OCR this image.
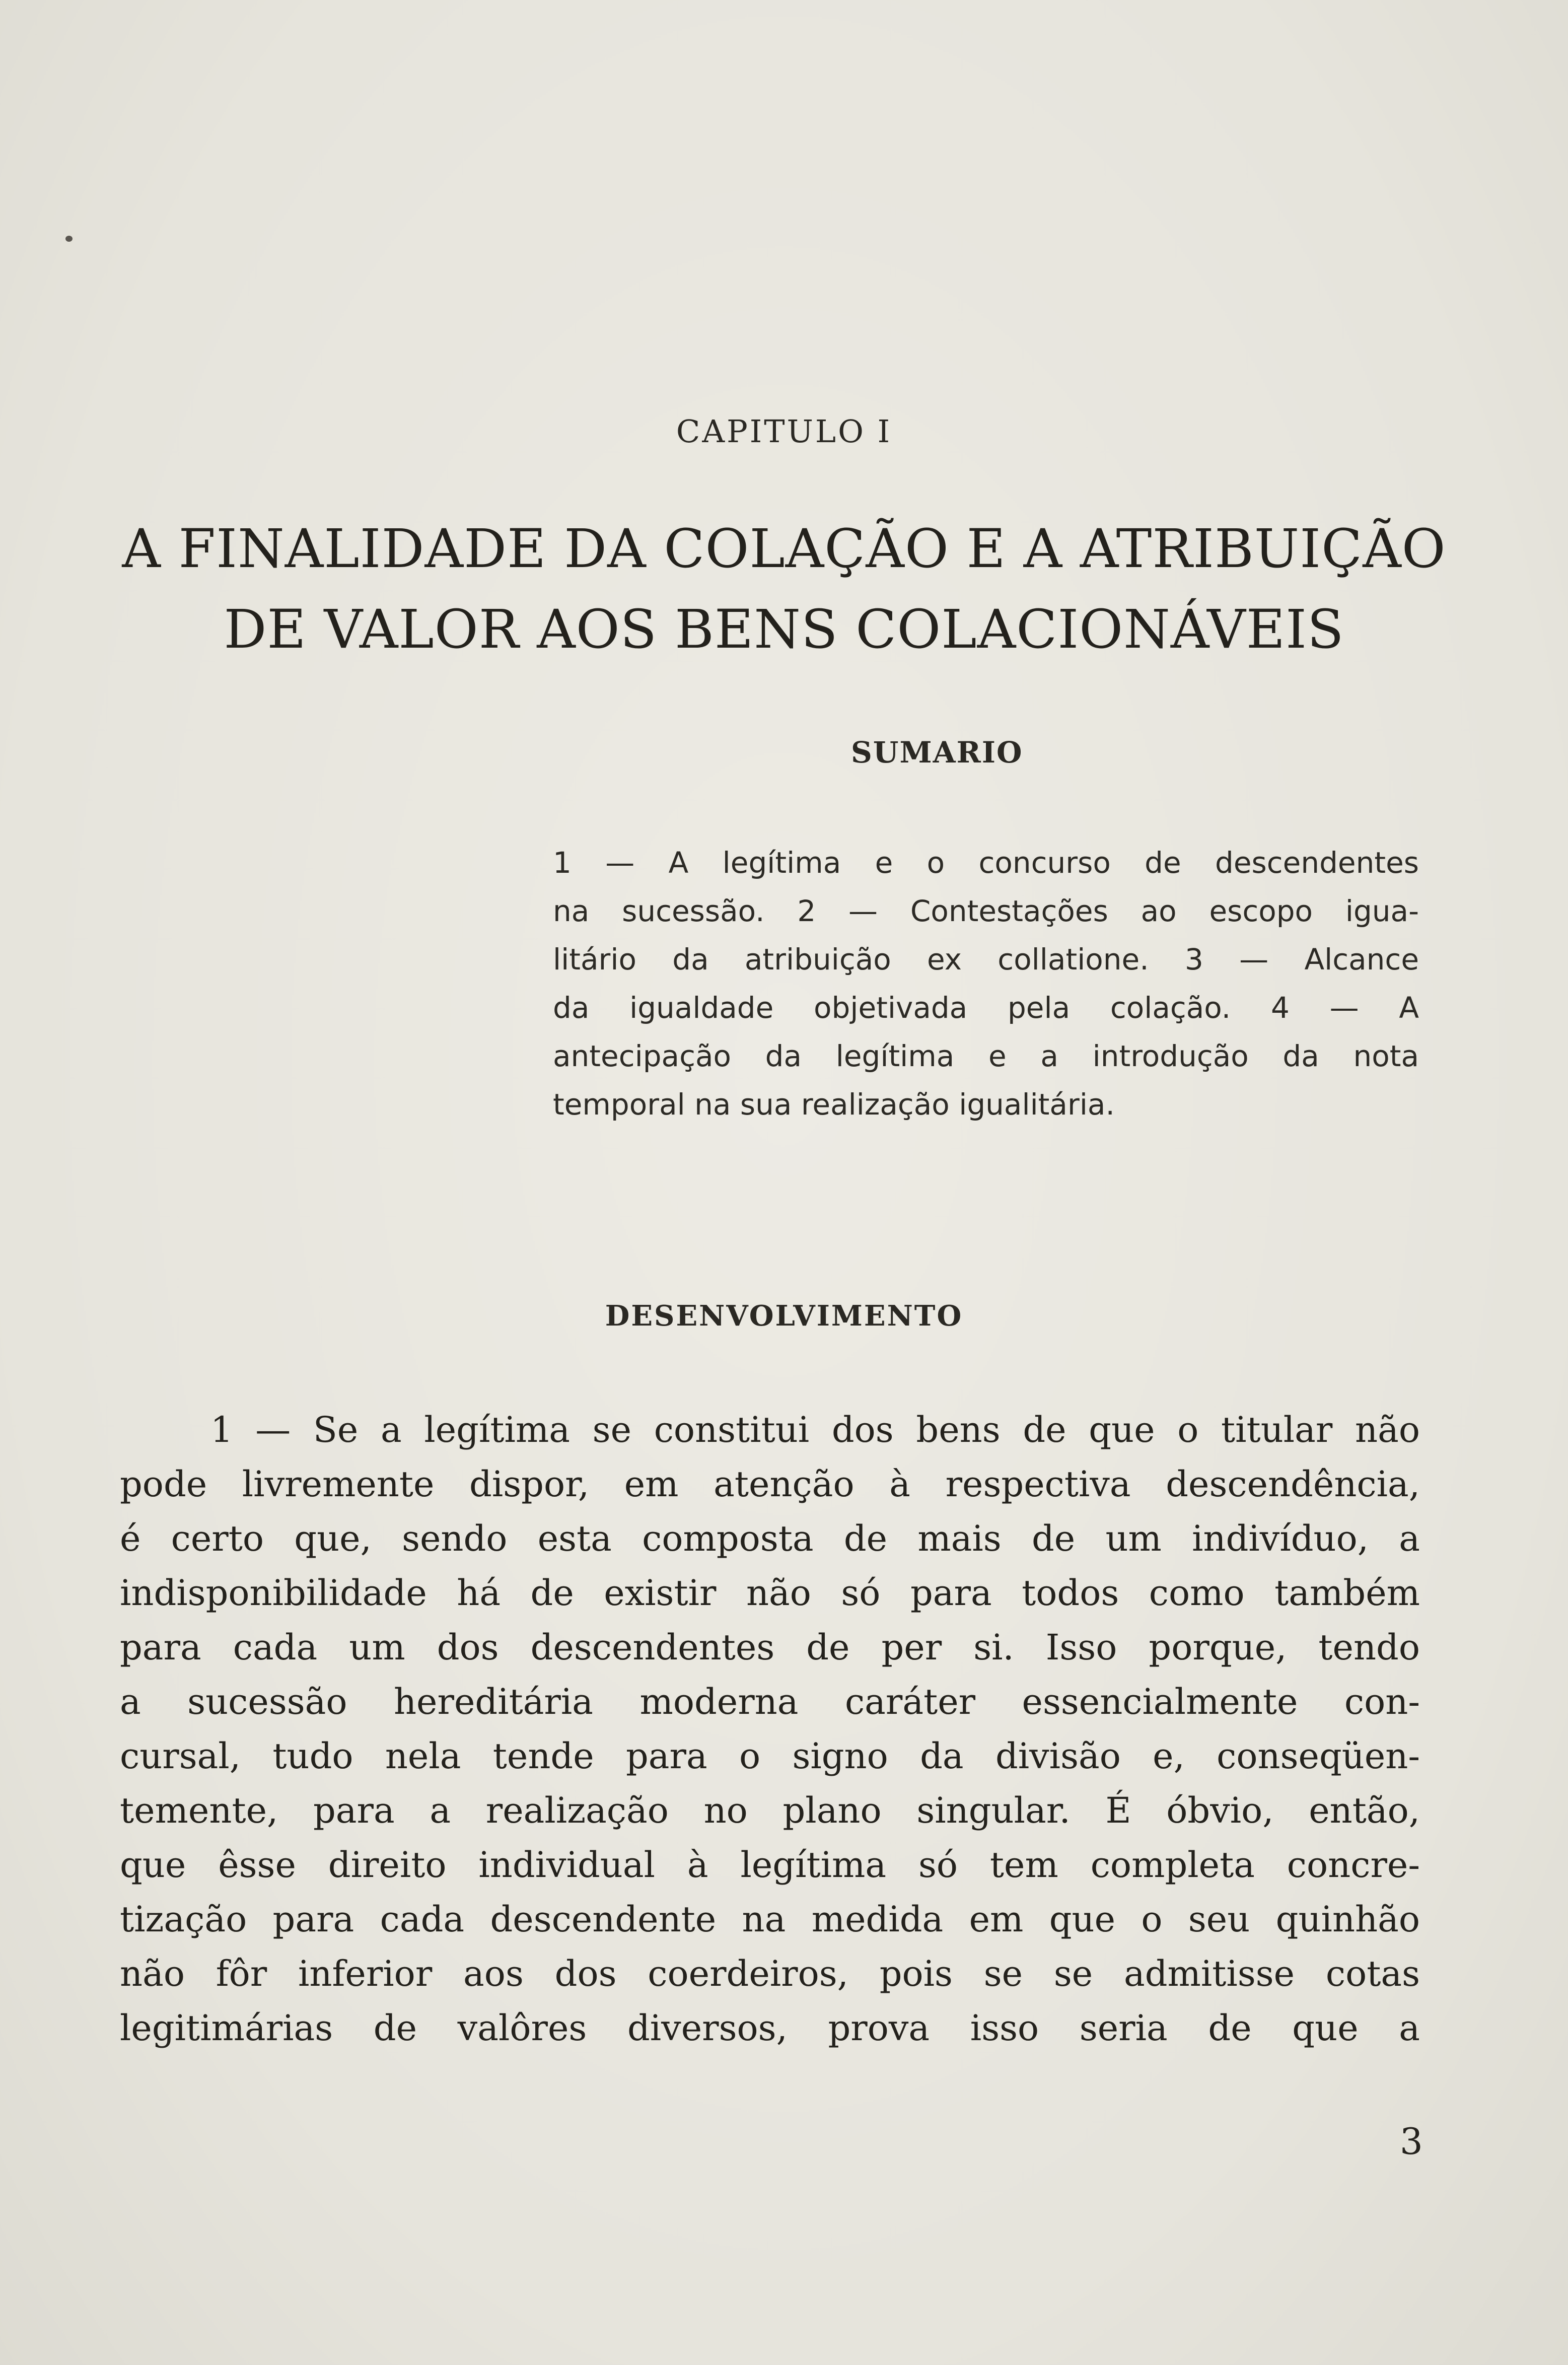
CAPITULO I
A FINALIDADE DA COLAÇÃO E A ATRIBUIÇÃO
DE VALOR AOS BENS COLACIONÁVEIS
SUMARIO
1 — A legítima e o concurso de descendentes
na sucessão. 2 — Contestações ao escopo igua-
litário da atribuição ex collatione. 3 — Alcance
da igualdade objetivada pela colação. 4 — A
antecipação da legítima e a introdução da nota
temporal na sua realização igualitária.
DESENVOLVIMENTO
1 — Se a legítima se constitui dos bens de que o titular não
pode livremente dispor, em atenção à respectiva descendência,
é certo que, sendo esta composta de mais de um indivíduo, a
indisponibilidade há de existir não só para todos como também
para cada um dos descendentes de per si. Isso porque, tendo
a sucessão hereditária moderna caráter essencialmente con-
cursal, tudo nela tende para o signo da divisão e, conseqüen-
temente, para a realização no plano singular. É óbvio, então,
que êsse direito individual à legítima só tem completa concre-
tização para cada descendente na medida em que o seu quinhão
não fôr inferior aos dos coerdeiros, pois se se admitisse cotas
legitimárias de valôres diversos, prova isso seria de que a
3
